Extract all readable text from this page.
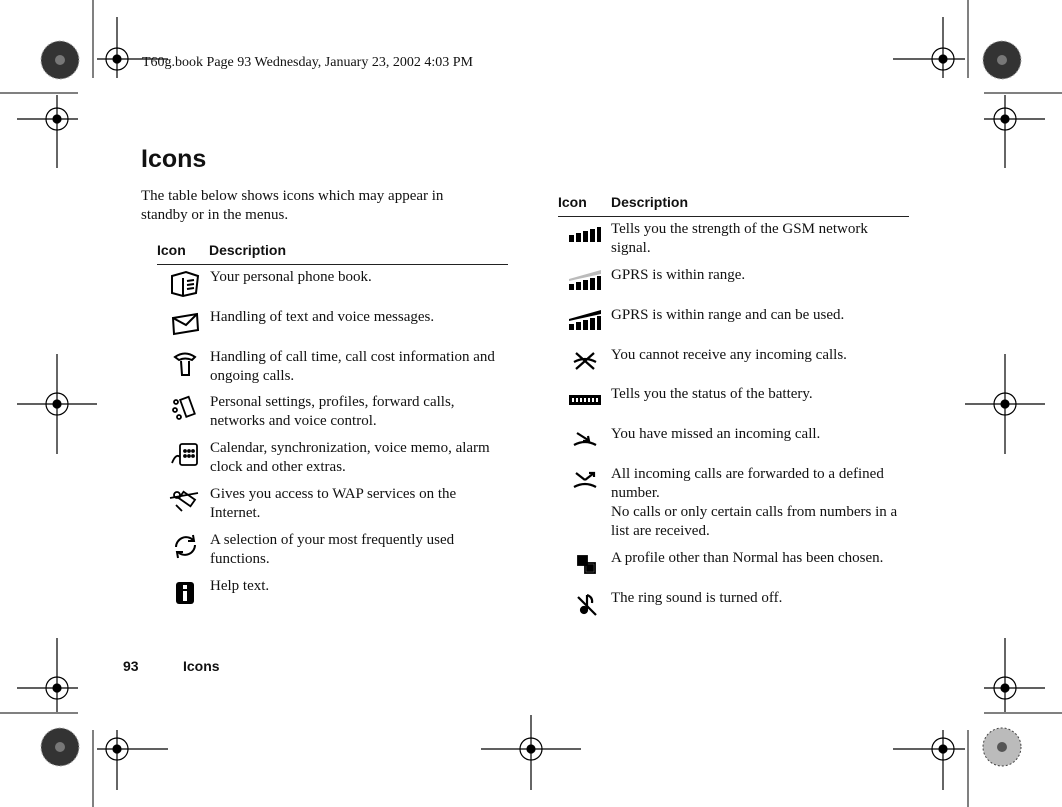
T60g.book Page 93 Wednesday, January 23, 2002 4:03 PM
Icons

The table below shows icons which may appear in standby or in the menus.

Icon Description
Your personal phone book.
Handling of text and voice messages.
Handling of call time, call cost information and ongoing calls.
Personal settings, profiles, forward calls, networks and voice control.
Calendar, synchronization, voice memo, alarm clock and other extras.
Gives you access to WAP services on the Internet.
A selection of your most frequently used functions.
Help text.
Icon Description
Tells you the strength of the GSM network signal.
GPRS is within range.
GPRS is within range and can be used.
You cannot receive any incoming calls.
Tells you the status of the battery.
You have missed an incoming call.
All incoming calls are forwarded to a defined number.
No calls or only certain calls from numbers in a list are received.
A profile other than Normal has been chosen.
The ring sound is turned off.
93	Icons
